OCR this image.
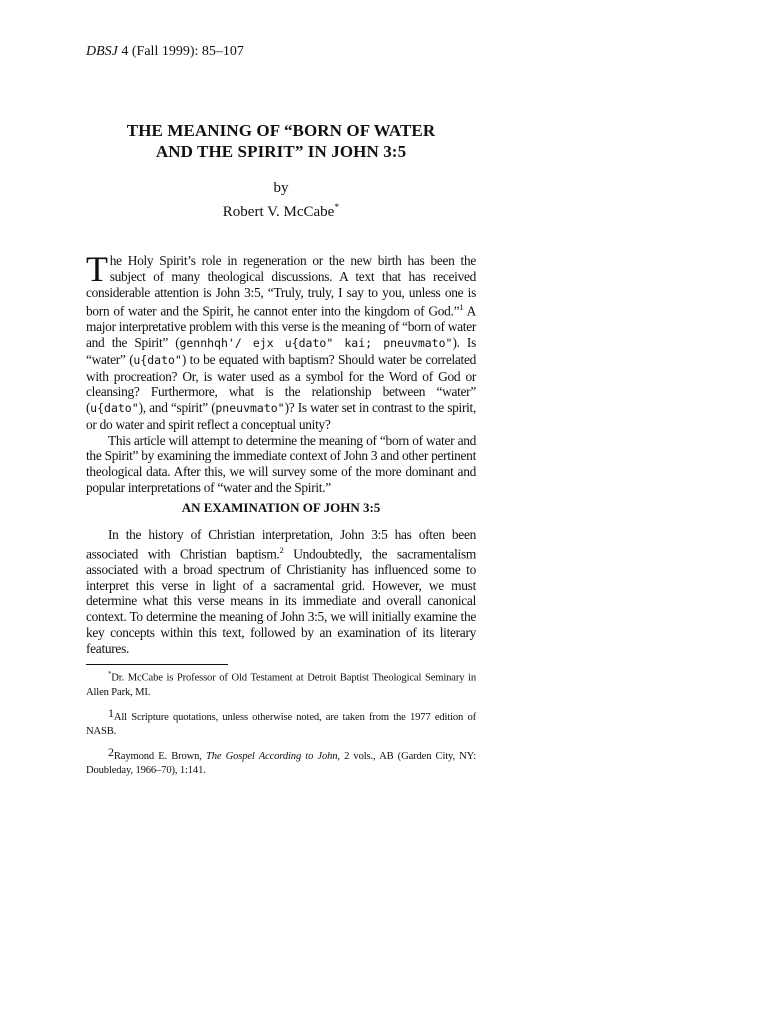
DBSJ 4 (Fall 1999): 85–107
THE MEANING OF “BORN OF WATER
AND THE SPIRIT” IN JOHN 3:5
by
Robert V. McCabe*

The Holy Spirit’s role in regeneration or the new birth has been the subject of many theological discussions. A text that has received considerable attention is John 3:5, “Truly, truly, I say to you, unless one is born of water and the Spirit, he cannot enter into the kingdom of God.”$^1$ A major interpretative problem with this verse is the meaning of “born of water and the Spirit” (gennhqh'/ ejx u{dato" kai; pneuvmato"). Is “water” (u{dato") to be equated with baptism? Should water be correlated with procreation? Or, is water used as a symbol for the Word of God or cleansing? Furthermore, what is the relationship between “water” (u{dato"), and “spirit” (pneuvmato")? Is water set in contrast to the spirit, or do water and spirit reflect a conceptual unity?

This article will attempt to determine the meaning of “born of water and the Spirit” by examining the immediate context of John 3 and other pertinent theological data. After this, we will survey some of the more dominant and popular interpretations of “water and the Spirit.”

AN EXAMINATION OF JOHN 3:5

In the history of Christian interpretation, John 3:5 has often been associated with Christian baptism.$^2$ Undoubtedly, the sacramentalism associated with a broad spectrum of Christianity has influenced some to interpret this verse in light of a sacramental grid. However, we must determine what this verse means in its immediate and overall canonical context. To determine the meaning of John 3:5, we will initially examine the key concepts within this text, followed by an examination of its literary features.

*Dr. McCabe is Professor of Old Testament at Detroit Baptist Theological Seminary in Allen Park, MI.

1All Scripture quotations, unless otherwise noted, are taken from the 1977 edition of NASB.

2Raymond E. Brown, The Gospel According to John, 2 vols., AB (Garden City, NY: Doubleday, 1966–70), 1:141.
